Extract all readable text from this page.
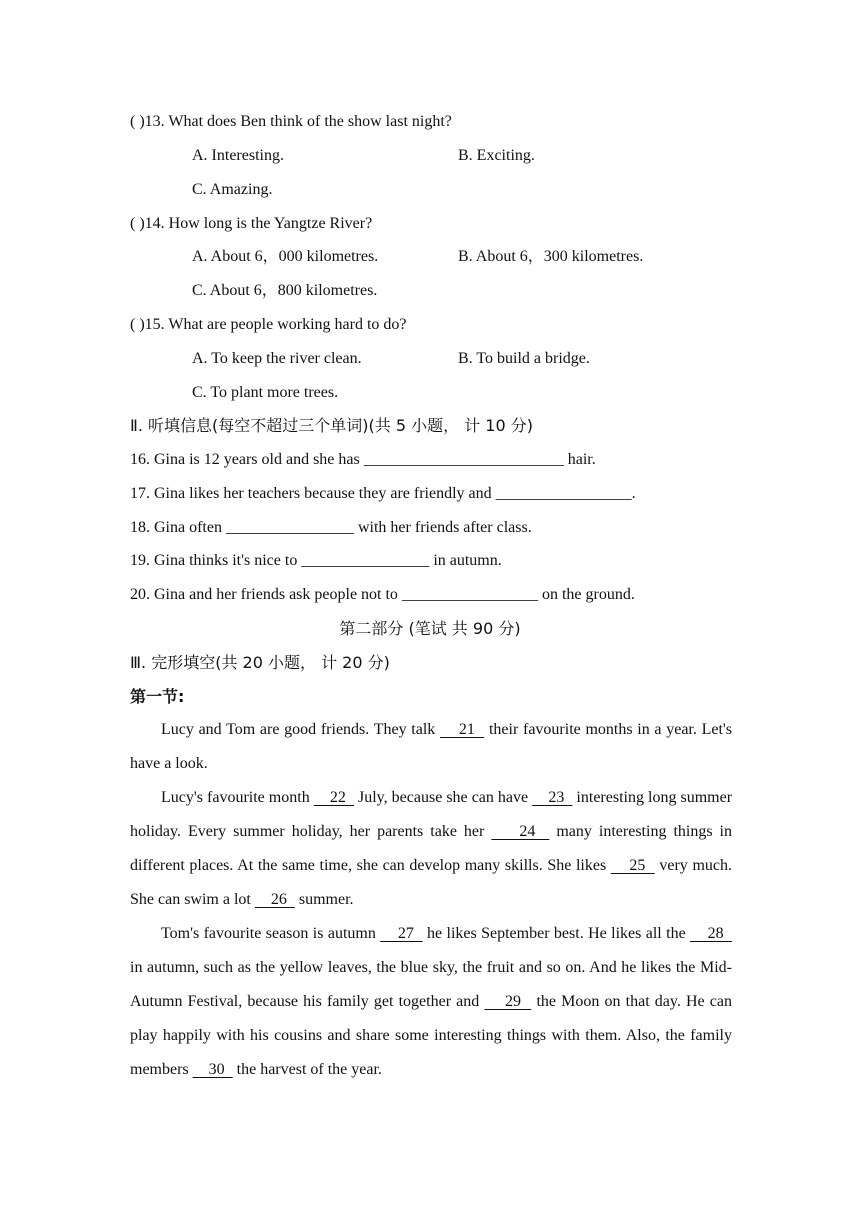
( )13. What does Ben think of the show last night?
A. Interesting.	B. Exciting.
C. Amazing.
( )14. How long is the Yangtze River?
A. About 6，000 kilometres.	B. About 6，300 kilometres.
C. About 6，800 kilometres.
( )15. What are people working hard to do?
A. To keep the river clean.	B. To build a bridge.
C. To plant more trees.
Ⅱ. 听填信息(每空不超过三个单词)(共 5 小题， 计 10 分)
16. Gina is 12 years old and she has _________________________ hair.
17. Gina likes her teachers because they are friendly and _________________.
18. Gina often ________________ with her friends after class.
19. Gina thinks it's nice to ________________ in autumn.
20. Gina and her friends ask people not to _________________ on the ground.
第二部分 (笔试 共 90 分)
Ⅲ. 完形填空(共 20 小题， 计 20 分)
第一节:

Lucy and Tom are good friends. They talk     21   their favourite months in a year. Let's have a look.

Lucy's favourite month     22   July, because she can have     23   interesting long summer holiday. Every summer holiday, her parents take her     24   many interesting things in different places. At the same time, she can develop many skills. She likes     25   very much. She can swim a lot     26   summer.

Tom's favourite season is autumn     27   he likes September best. He likes all the     28   in autumn, such as the yellow leaves, the blue sky, the fruit and so on. And he likes the Mid-Autumn Festival, because his family get together and     29   the Moon on that day. He can play happily with his cousins and share some interesting things with them. Also, the family members     30   the harvest of the year.
